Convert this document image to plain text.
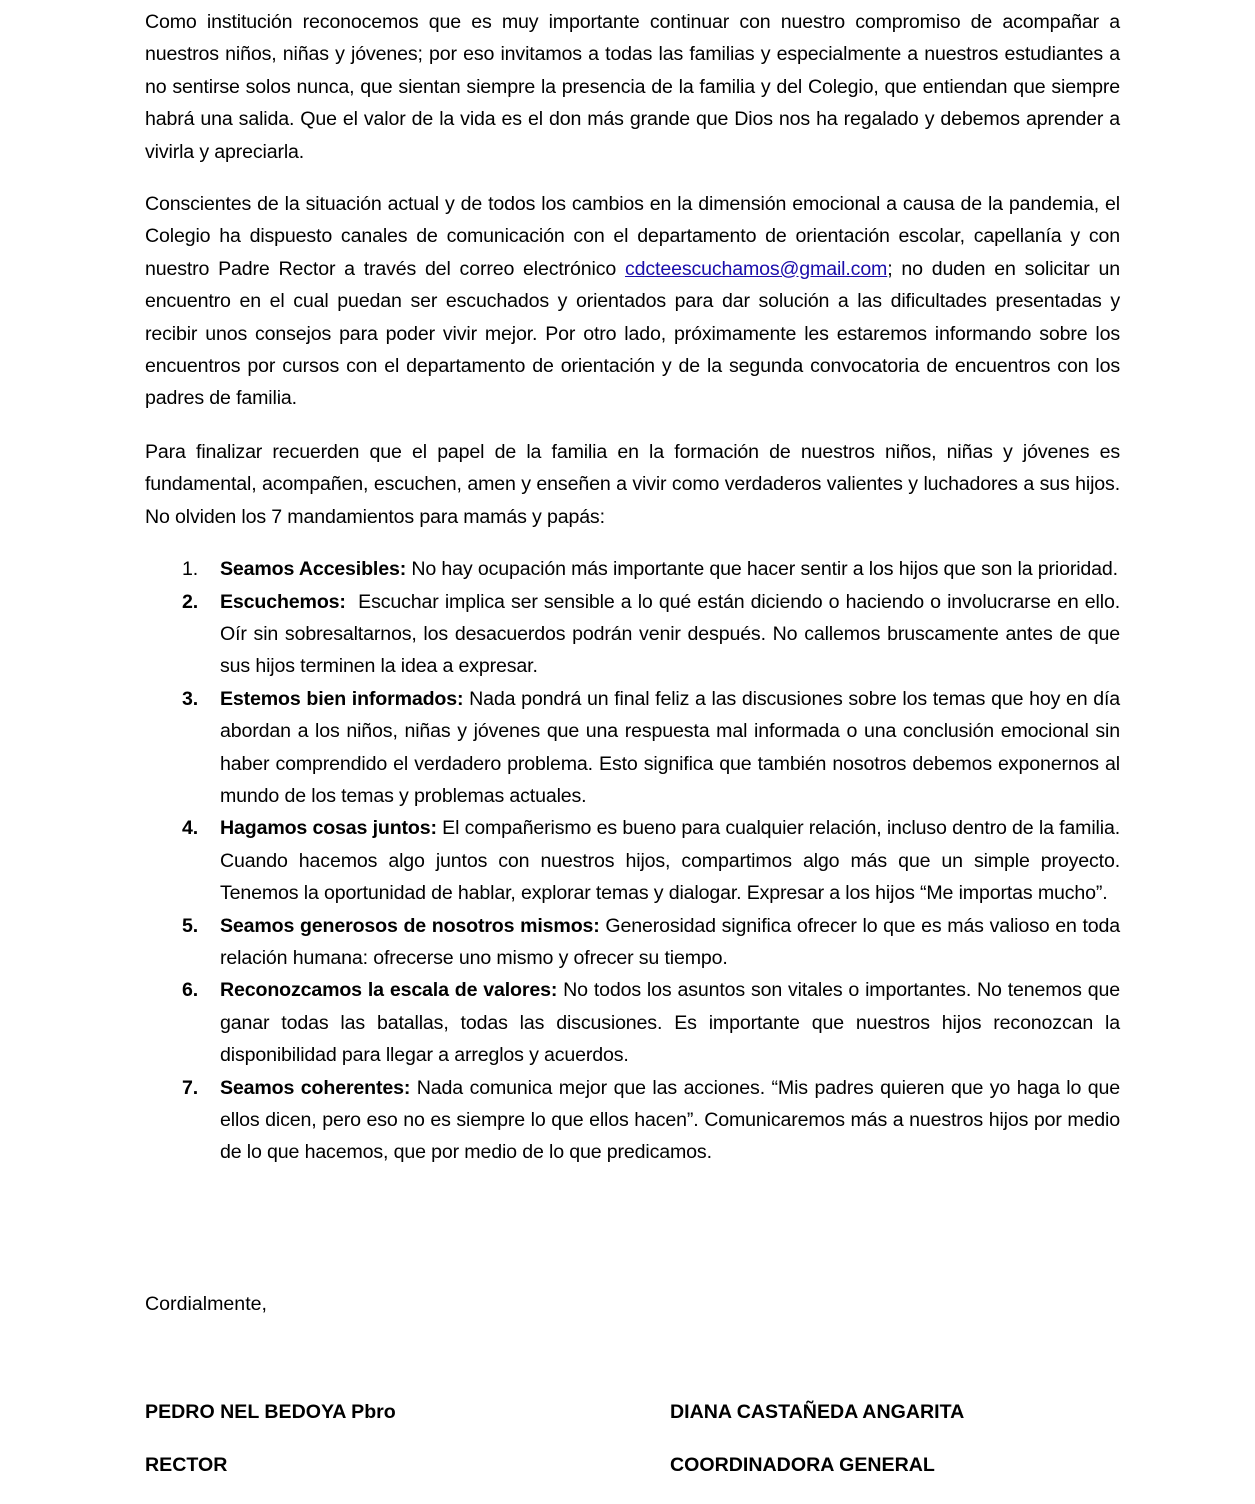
Como institución reconocemos que es muy importante continuar con nuestro compromiso de acompañar a nuestros niños, niñas y jóvenes; por eso invitamos a todas las familias y especialmente a nuestros estudiantes a no sentirse solos nunca, que sientan siempre la presencia de la familia y del Colegio, que entiendan que siempre habrá una salida. Que el valor de la vida es el don más grande que Dios nos ha regalado y debemos aprender a vivirla y apreciarla.

Conscientes de la situación actual y de todos los cambios en la dimensión emocional a causa de la pandemia, el Colegio ha dispuesto canales de comunicación con el departamento de orientación escolar, capellanía y con nuestro Padre Rector a través del correo electrónico cdcteescuchamos@gmail.com; no duden en solicitar un encuentro en el cual puedan ser escuchados y orientados para dar solución a las dificultades presentadas y recibir unos consejos para poder vivir mejor. Por otro lado, próximamente les estaremos informando sobre los encuentros por cursos con el departamento de orientación y de la segunda convocatoria de encuentros con los padres de familia.

Para finalizar recuerden que el papel de la familia en la formación de nuestros niños, niñas y jóvenes es fundamental, acompañen, escuchen, amen y enseñen a vivir como verdaderos valientes y luchadores a sus hijos. No olviden los 7 mandamientos para mamás y papás:

1. Seamos Accesibles: No hay ocupación más importante que hacer sentir a los hijos que son la prioridad.
2. Escuchemos:  Escuchar implica ser sensible a lo qué están diciendo o haciendo o involucrarse en ello. Oír sin sobresaltarnos, los desacuerdos podrán venir después. No callemos bruscamente antes de que sus hijos terminen la idea a expresar.
3. Estemos bien informados: Nada pondrá un final feliz a las discusiones sobre los temas que hoy en día abordan a los niños, niñas y jóvenes que una respuesta mal informada o una conclusión emocional sin haber comprendido el verdadero problema. Esto significa que también nosotros debemos exponernos al mundo de los temas y problemas actuales.
4. Hagamos cosas juntos: El compañerismo es bueno para cualquier relación, incluso dentro de la familia. Cuando hacemos algo juntos con nuestros hijos, compartimos algo más que un simple proyecto. Tenemos la oportunidad de hablar, explorar temas y dialogar. Expresar a los hijos “Me importas mucho”.
5. Seamos generosos de nosotros mismos: Generosidad significa ofrecer lo que es más valioso en toda relación humana: ofrecerse uno mismo y ofrecer su tiempo.
6. Reconozcamos la escala de valores: No todos los asuntos son vitales o importantes. No tenemos que ganar todas las batallas, todas las discusiones. Es importante que nuestros hijos reconozcan la disponibilidad para llegar a arreglos y acuerdos.
7. Seamos coherentes: Nada comunica mejor que las acciones. “Mis padres quieren que yo haga lo que ellos dicen, pero eso no es siempre lo que ellos hacen”. Comunicaremos más a nuestros hijos por medio de lo que hacemos, que por medio de lo que predicamos.
Cordialmente,
PEDRO NEL BEDOYA Pbro
RECTOR
DIANA CASTAÑEDA ANGARITA
COORDINADORA GENERAL
